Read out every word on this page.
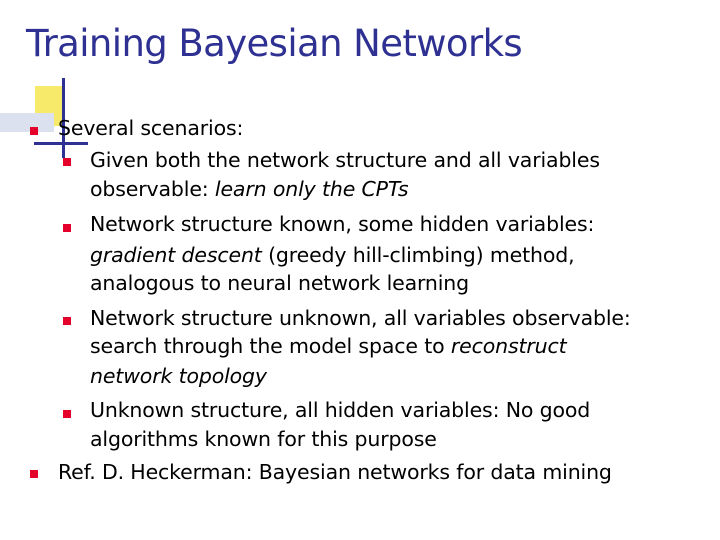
Training Bayesian Networks
Several scenarios:
Given both the network structure and all variables
observable: learn only the CPTs
Network structure known, some hidden variables:
gradient descent (greedy hill-climbing) method,
analogous to neural network learning
Network structure unknown, all variables observable:
search through the model space to reconstruct
network topology
Unknown structure, all hidden variables: No good
algorithms known for this purpose
Ref. D. Heckerman: Bayesian networks for data mining
